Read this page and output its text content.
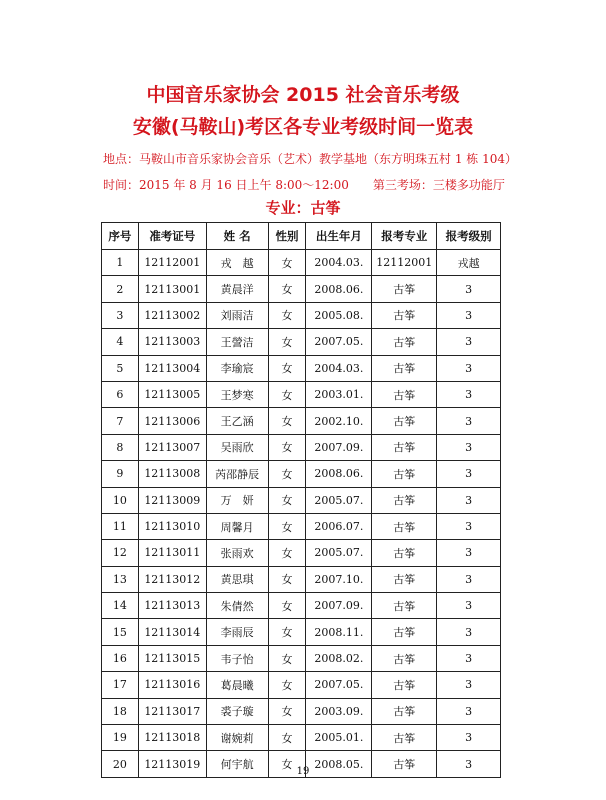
中国音乐家协会 2015 社会音乐考级
安徽(马鞍山)考区各专业考级时间一览表
地点：马鞍山市音乐家协会音乐（艺术）教学基地（东方明珠五村 1 栋 104）
时间：2015 年 8 月 16 日上午 8:00～12:00 第三考场：三楼多功能厅
专业：古筝
序号	准考证号	姓 名	性别	出生年月	报考专业	报考级别
1	12112001	戎　越	女	2004.03.	12112001	戎越
2	12113001	黄晨洋	女	2008.06.	古筝	3
3	12113002	刘雨洁	女	2005.08.	古筝	3
4	12113003	王謍洁	女	2007.05.	古筝	3
5	12113004	李瑜宸	女	2004.03.	古筝	3
6	12113005	王梦寒	女	2003.01.	古筝	3
7	12113006	王乙涵	女	2002.10.	古筝	3
8	12113007	吴雨欣	女	2007.09.	古筝	3
9	12113008	芮邵静辰	女	2008.06.	古筝	3
10	12113009	万　妍	女	2005.07.	古筝	3
11	12113010	周馨月	女	2006.07.	古筝	3
12	12113011	张雨欢	女	2005.07.	古筝	3
13	12113012	黄思琪	女	2007.10.	古筝	3
14	12113013	朱倩然	女	2007.09.	古筝	3
15	12113014	李雨辰	女	2008.11.	古筝	3
16	12113015	韦子怡	女	2008.02.	古筝	3
17	12113016	葛晨曦	女	2007.05.	古筝	3
18	12113017	裘子璇	女	2003.09.	古筝	3
19	12113018	谢婉莉	女	2005.01.	古筝	3
20	12113019	何宇航	女	2008.05.	古筝	3
19
